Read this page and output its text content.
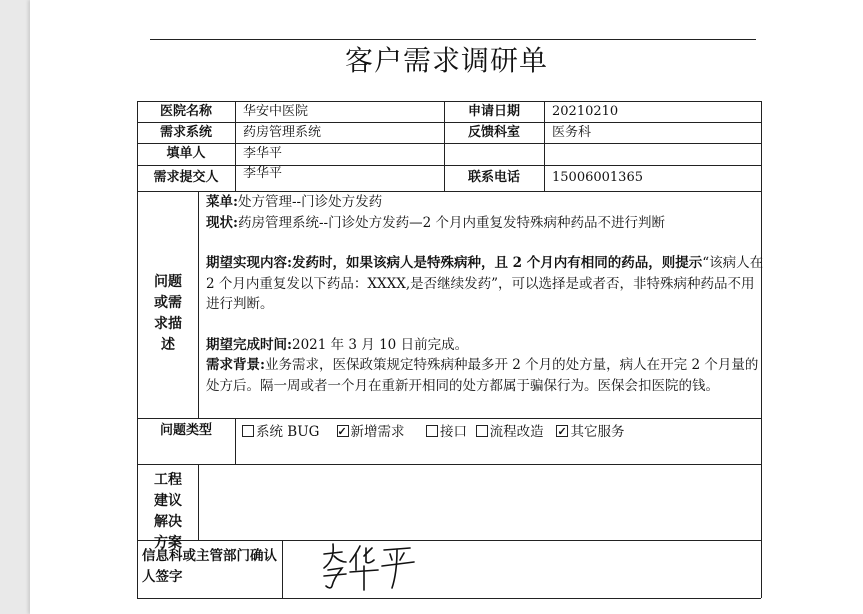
客户需求调研单
医院名称	华安中医院	申请日期	20210210
需求系统	药房管理系统	反馈科室	医务科
填单人	李华平
需求提交人	李华平	联系电话	15006001365
问题或需求描述

菜单:处方管理--门诊处方发药

现状:药房管理系统--门诊处方发药—2 个月内重复发特殊病种药品不进行判断

期望实现内容:发药时，如果该病人是特殊病种，且 2 个月内有相同的药品，则提示“该病人在 2 个月内重复发以下药品：XXXX,是否继续发药”，可以选择是或者否，非特殊病种药品不用进行判断。

期望完成时间:2021 年 3 月 10 日前完成。

需求背景:业务需求，医保政策规定特殊病种最多开 2 个月的处方量，病人在开完 2 个月量的处方后。隔一周或者一个月在重新开相同的处方都属于骗保行为。医保会扣医院的钱。

问题类型	系统 BUG ✓ 新增需求	接口 流程改造 ✓ 其它服务
工程建议解决方案
信息科或主管部门确认人签字
